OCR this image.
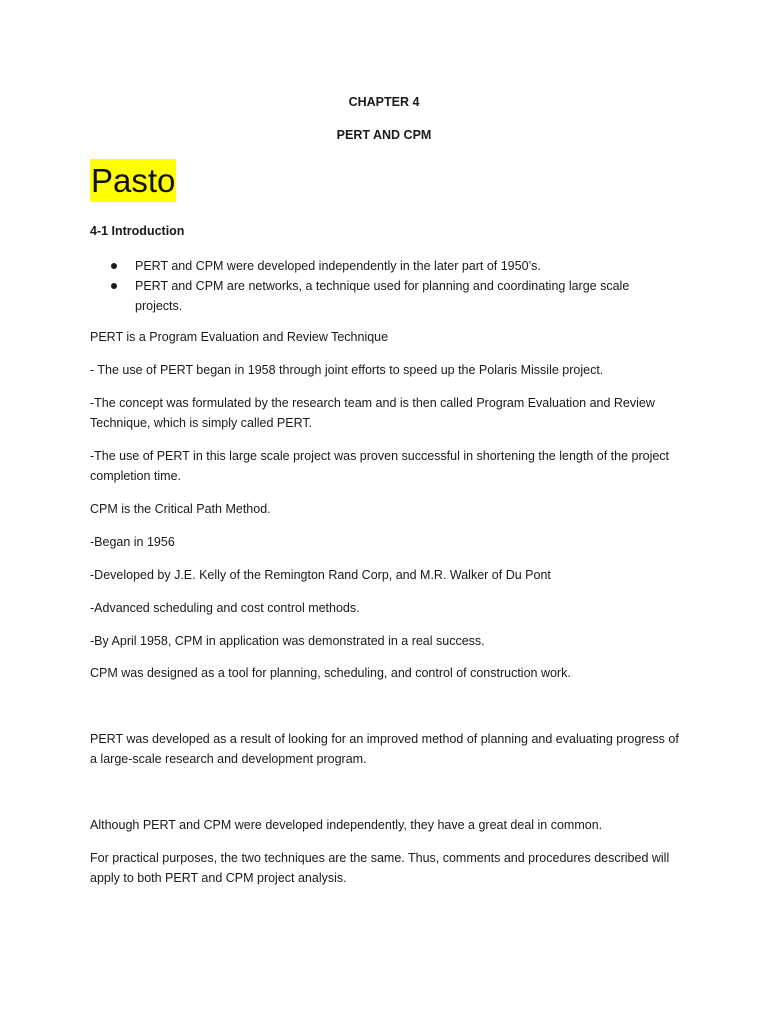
CHAPTER 4
PERT AND CPM
Pasto
4-1 Introduction
PERT and CPM were developed independently in the later part of 1950’s.
PERT and CPM are networks, a technique used for planning and coordinating large scale projects.

PERT is a Program Evaluation and Review Technique

- The use of PERT began in 1958 through joint efforts to speed up the Polaris Missile project.

-The concept was formulated by the research team and is then called Program Evaluation and Review Technique, which is simply called PERT.

-The use of PERT in this large scale project was proven successful in shortening the length of the project completion time.

CPM is the Critical Path Method.

-Began in 1956

-Developed by J.E. Kelly of the Remington Rand Corp, and M.R. Walker of Du Pont

-Advanced scheduling and cost control methods.

-By April 1958, CPM in application was demonstrated in a real success.

CPM was designed as a tool for planning, scheduling, and control of construction work.

PERT was developed as a result of looking for an improved method of planning and evaluating progress of a large-scale research and development program.

Although PERT and CPM were developed independently, they have a great deal in common.

For practical purposes, the two techniques are the same. Thus, comments and procedures described will apply to both PERT and CPM project analysis.
